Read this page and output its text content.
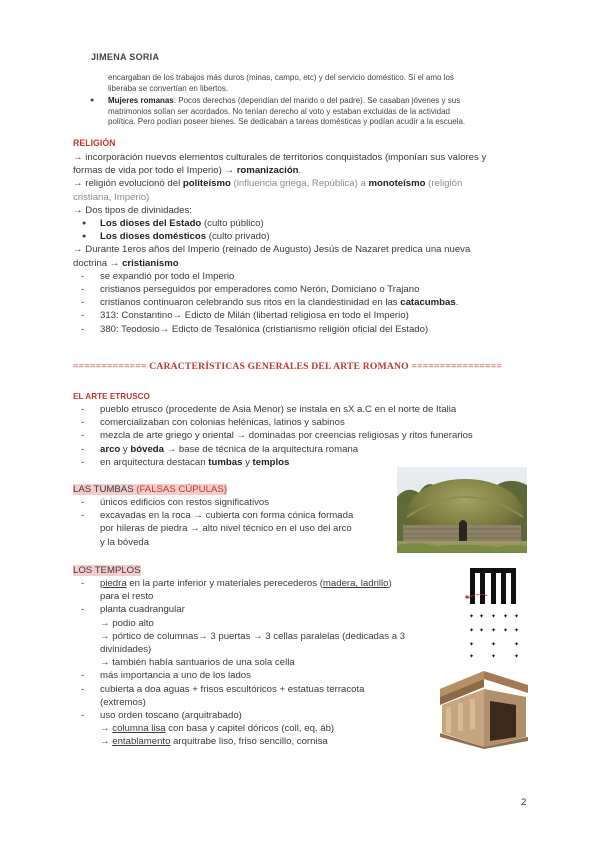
JIMENA SORIA
encargaban de los trabajos más duros (minas, campo, etc) y del servicio doméstico. Si el amo los
liberaba se convertían en libertos.
● Mujeres romanas: Pocos derechos (dependían del marido o del padre). Se casaban jóvenes y sus
matrimonios solían ser acordados. No tenían derecho al voto y estaban excluidas de la actividad
política. Pero podían poseer bienes. Se dedicaban a tareas domésticas y podían acudir a la escuela.
RELIGIÓN
→ incorporación nuevos elementos culturales de territorios conquistados (imponían sus valores y
formas de vida por todo el Imperio) → romanización.
→ religión evolucionó del politeísmo (influencia griega, República) a monoteísmo (religión
cristiana, Imperio)
→ Dos tipos de divinidades:
● Los dioses del Estado (culto público)
● Los dioses domésticos (culto privado)
→ Durante 1eros años del Imperio (reinado de Augusto) Jesús de Nazaret predica una nueva
doctrina → cristianismo
- se expandió por todo el Imperio
- cristianos perseguidos por emperadores como Nerón, Domiciano o Trajano
- cristianos continuaron celebrando sus ritos en la clandestinidad en las catacumbas.
- 313: Constantino→ Edicto de Milán (libertad religiosa en todo el Imperio)
- 380: Teodosio→ Edicto de Tesalónica (cristianismo religión oficial del Estado)
============= CARACTERÍSTICAS GENERALES DEL ARTE ROMANO ================
EL ARTE ETRUSCO
- pueblo etrusco (procedente de Asia Menor) se instala en sX a.C en el norte de Italia
- comercializaban con colonias helénicas, latinos y sabinos
- mezcla de arte griego y oriental → dominadas por creencias religiosas y ritos funerarios
- arco y bóveda → base de técnica de la arquitectura romana
- en arquitectura destacan tumbas y templos
LAS TUMBAS (FALSAS CÚPULAS)
- únicos edificios con restos significativos
- excavadas en la roca → cubierta con forma cónica formada
por hileras de piedra → alto nivel técnico en el uso del arco
y la bóveda
LOS TEMPLOS
- piedra en la parte inferior y materiales perecederos (madera, ladrillo)
para el resto
- planta cuadrangular
→ podio alto
→ pórtico de columnas→ 3 puertas → 3 cellas paralelas (dedicadas a 3
divinidades)
→ también había santuarios de una sola cella
- más importancia a uno de los lados
- cubierta a doa aguas + frisos escultóricos + estatuas terracota
(extremos)
- uso orden toscano (arquitrabado)
→ columna lisa con basa y capitel dóricos (coll, eq, áb)
→ entablamento arquitrabe liso, friso sencillo, cornisa
✦ ✦ ✦ ✦ ✦
✦ ✦ ✦ ✦ ✦
✦	✦	✦
✦	✦	✦
2
